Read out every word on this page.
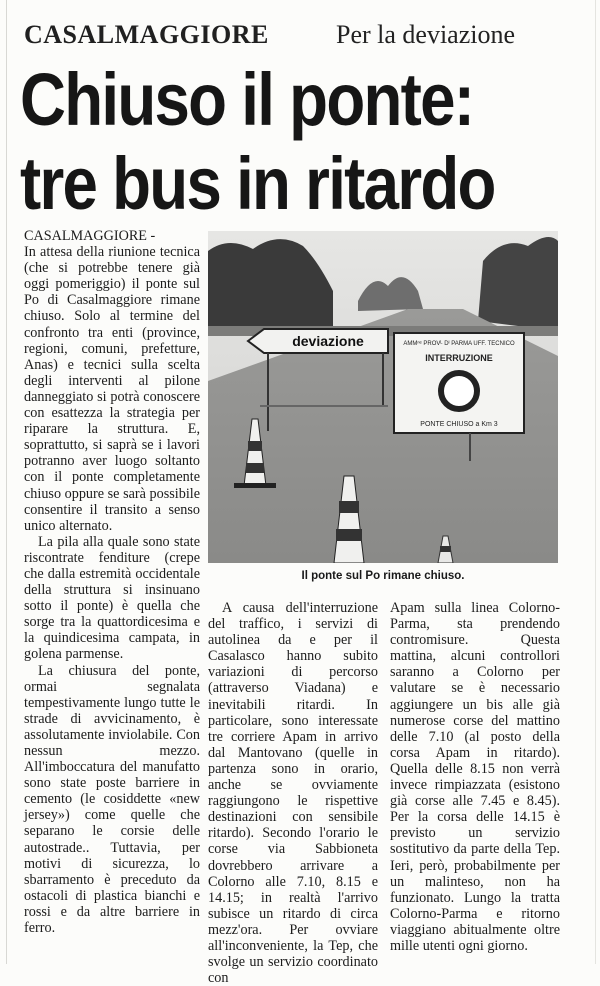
CASALMAGGIORE	Per la deviazione
Chiuso il ponte:
tre bus in ritardo

CASALMAGGIORE -

In attesa della riunione tecnica (che si potrebbe tenere già oggi pomeriggio) il ponte sul Po di Casalmaggiore rimane chiuso. Solo al termine del confronto tra enti (province, regioni, comuni, prefetture, Anas) e tecnici sulla scelta degli interventi al pilone danneggiato si potrà conoscere con esattezza la strategia per riparare la struttura. E, soprattutto, si saprà se i lavori potranno aver luogo soltanto con il ponte completamente chiuso oppure se sarà possibile consentire il transito a senso unico alternato.

La pila alla quale sono state riscontrate fenditure (crepe che dalla estremità occidentale della struttura si insinuano sotto il ponte) è quella che sorge tra la quattordicesima e la quindicesima campata, in golena parmense.

La chiusura del ponte, ormai segnalata tempestivamente lungo tutte le strade di avvicinamento, è assolutamente inviolabile. Con nessun mezzo. All'imboccatura del manufatto sono state poste barriere in cemento (le cosiddette «new jersey») come quelle che separano le corsie delle autostrade.. Tuttavia, per motivi di sicurezza, lo sbarramento è preceduto da ostacoli di plastica bianchi e rossi e da altre barriere in ferro.

deviazione	AMMⁿᵉ PROVᴸ Dᴵ PARMA UFF. TECNICO
INTERRUZIONE
PONTE CHIUSO a Km 3
Il ponte sul Po rimane chiuso.

A causa dell'interruzione del traffico, i servizi di autolinea da e per il Casalasco hanno subito variazioni di percorso (attraverso Viadana) e inevitabili ritardi. In particolare, sono interessate tre corriere Apam in arrivo dal Mantovano (quelle in partenza sono in orario, anche se ovviamente raggiungono le rispettive destinazioni con sensibile ritardo). Secondo l'orario le corse via Sabbioneta dovrebbero arrivare a Colorno alle 7.10, 8.15 e 14.15; in realtà l'arrivo subisce un ritardo di circa mezz'ora. Per ovviare all'inconveniente, la Tep, che svolge un servizio coordinato con

Apam sulla linea Colorno-Parma, sta prendendo contromisure. Questa mattina, alcuni controllori saranno a Colorno per valutare se è necessario aggiungere un bis alle già numerose corse del mattino delle 7.10 (al posto della corsa Apam in ritardo). Quella delle 8.15 non verrà invece rimpiazzata (esistono già corse alle 7.45 e 8.45). Per la corsa delle 14.15 è previsto un servizio sostitutivo da parte della Tep. Ieri, però, probabilmente per un malinteso, non ha funzionato. Lungo la tratta Colorno-Parma e ritorno viaggiano abitualmente oltre mille utenti ogni giorno.
